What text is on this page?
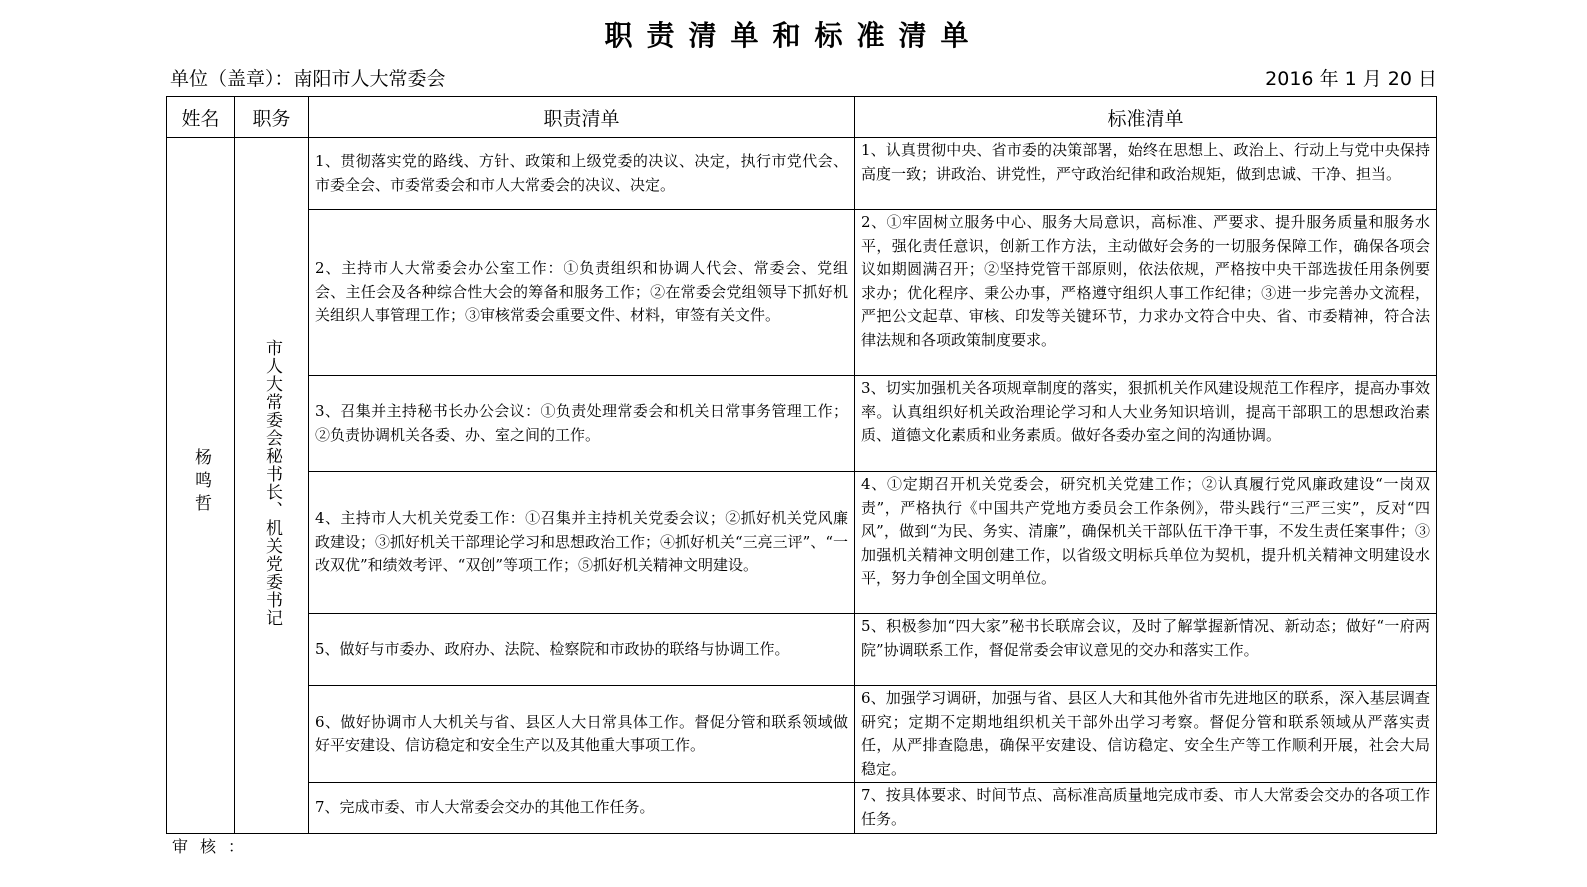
职责清单和标准清单
单位（盖章）：南阳市人大常委会	2016 年 1 月 20 日
姓名	职务	职责清单	标准清单
杨鸣哲	市人大常委会秘书长、机关党委书记	1、贯彻落实党的路线、方针、政策和上级党委的决议、决定，执行市党代会、市委全会、市委常委会和市人大常委会的决议、决定。	1、认真贯彻中央、省市委的决策部署，始终在思想上、政治上、行动上与党中央保持高度一致；讲政治、讲党性，严守政治纪律和政治规矩，做到忠诚、干净、担当。
		2、主持市人大常委会办公室工作：①负责组织和协调人代会、常委会、党组会、主任会及各种综合性大会的筹备和服务工作；②在常委会党组领导下抓好机关组织人事管理工作；③审核常委会重要文件、材料，审签有关文件。	2、①牢固树立服务中心、服务大局意识，高标准、严要求、提升服务质量和服务水平，强化责任意识，创新工作方法，主动做好会务的一切服务保障工作，确保各项会议如期圆满召开；②坚持党管干部原则，依法依规，严格按中央干部选拔任用条例要求办；优化程序、秉公办事，严格遵守组织人事工作纪律；③进一步完善办文流程，严把公文起草、审核、印发等关键环节，力求办文符合中央、省、市委精神，符合法律法规和各项政策制度要求。
		3、召集并主持秘书长办公会议：①负责处理常委会和机关日常事务管理工作；②负责协调机关各委、办、室之间的工作。	3、切实加强机关各项规章制度的落实，狠抓机关作风建设规范工作程序，提高办事效率。认真组织好机关政治理论学习和人大业务知识培训，提高干部职工的思想政治素质、道德文化素质和业务素质。做好各委办室之间的沟通协调。
		4、主持市人大机关党委工作：①召集并主持机关党委会议；②抓好机关党风廉政建设；③抓好机关干部理论学习和思想政治工作；④抓好机关“三亮三评”、“一改双优”和绩效考评、“双创”等项工作；⑤抓好机关精神文明建设。	4、①定期召开机关党委会，研究机关党建工作；②认真履行党风廉政建设“一岗双责”，严格执行《中国共产党地方委员会工作条例》，带头践行“三严三实”，反对“四风”，做到“为民、务实、清廉”，确保机关干部队伍干净干事，不发生责任案事件；③加强机关精神文明创建工作，以省级文明标兵单位为契机，提升机关精神文明建设水平，努力争创全国文明单位。
		5、做好与市委办、政府办、法院、检察院和市政协的联络与协调工作。	5、积极参加“四大家”秘书长联席会议，及时了解掌握新情况、新动态；做好“一府两院”协调联系工作，督促常委会审议意见的交办和落实工作。
		6、做好协调市人大机关与省、县区人大日常具体工作。督促分管和联系领域做好平安建设、信访稳定和安全生产以及其他重大事项工作。	6、加强学习调研，加强与省、县区人大和其他外省市先进地区的联系，深入基层调查研究；定期不定期地组织机关干部外出学习考察。督促分管和联系领域从严落实责任，从严排查隐患，确保平安建设、信访稳定、安全生产等工作顺利开展，社会大局稳定。
		7、完成市委、市人大常委会交办的其他工作任务。	7、按具体要求、时间节点、高标准高质量地完成市委、市人大常委会交办的各项工作任务。
审核：
